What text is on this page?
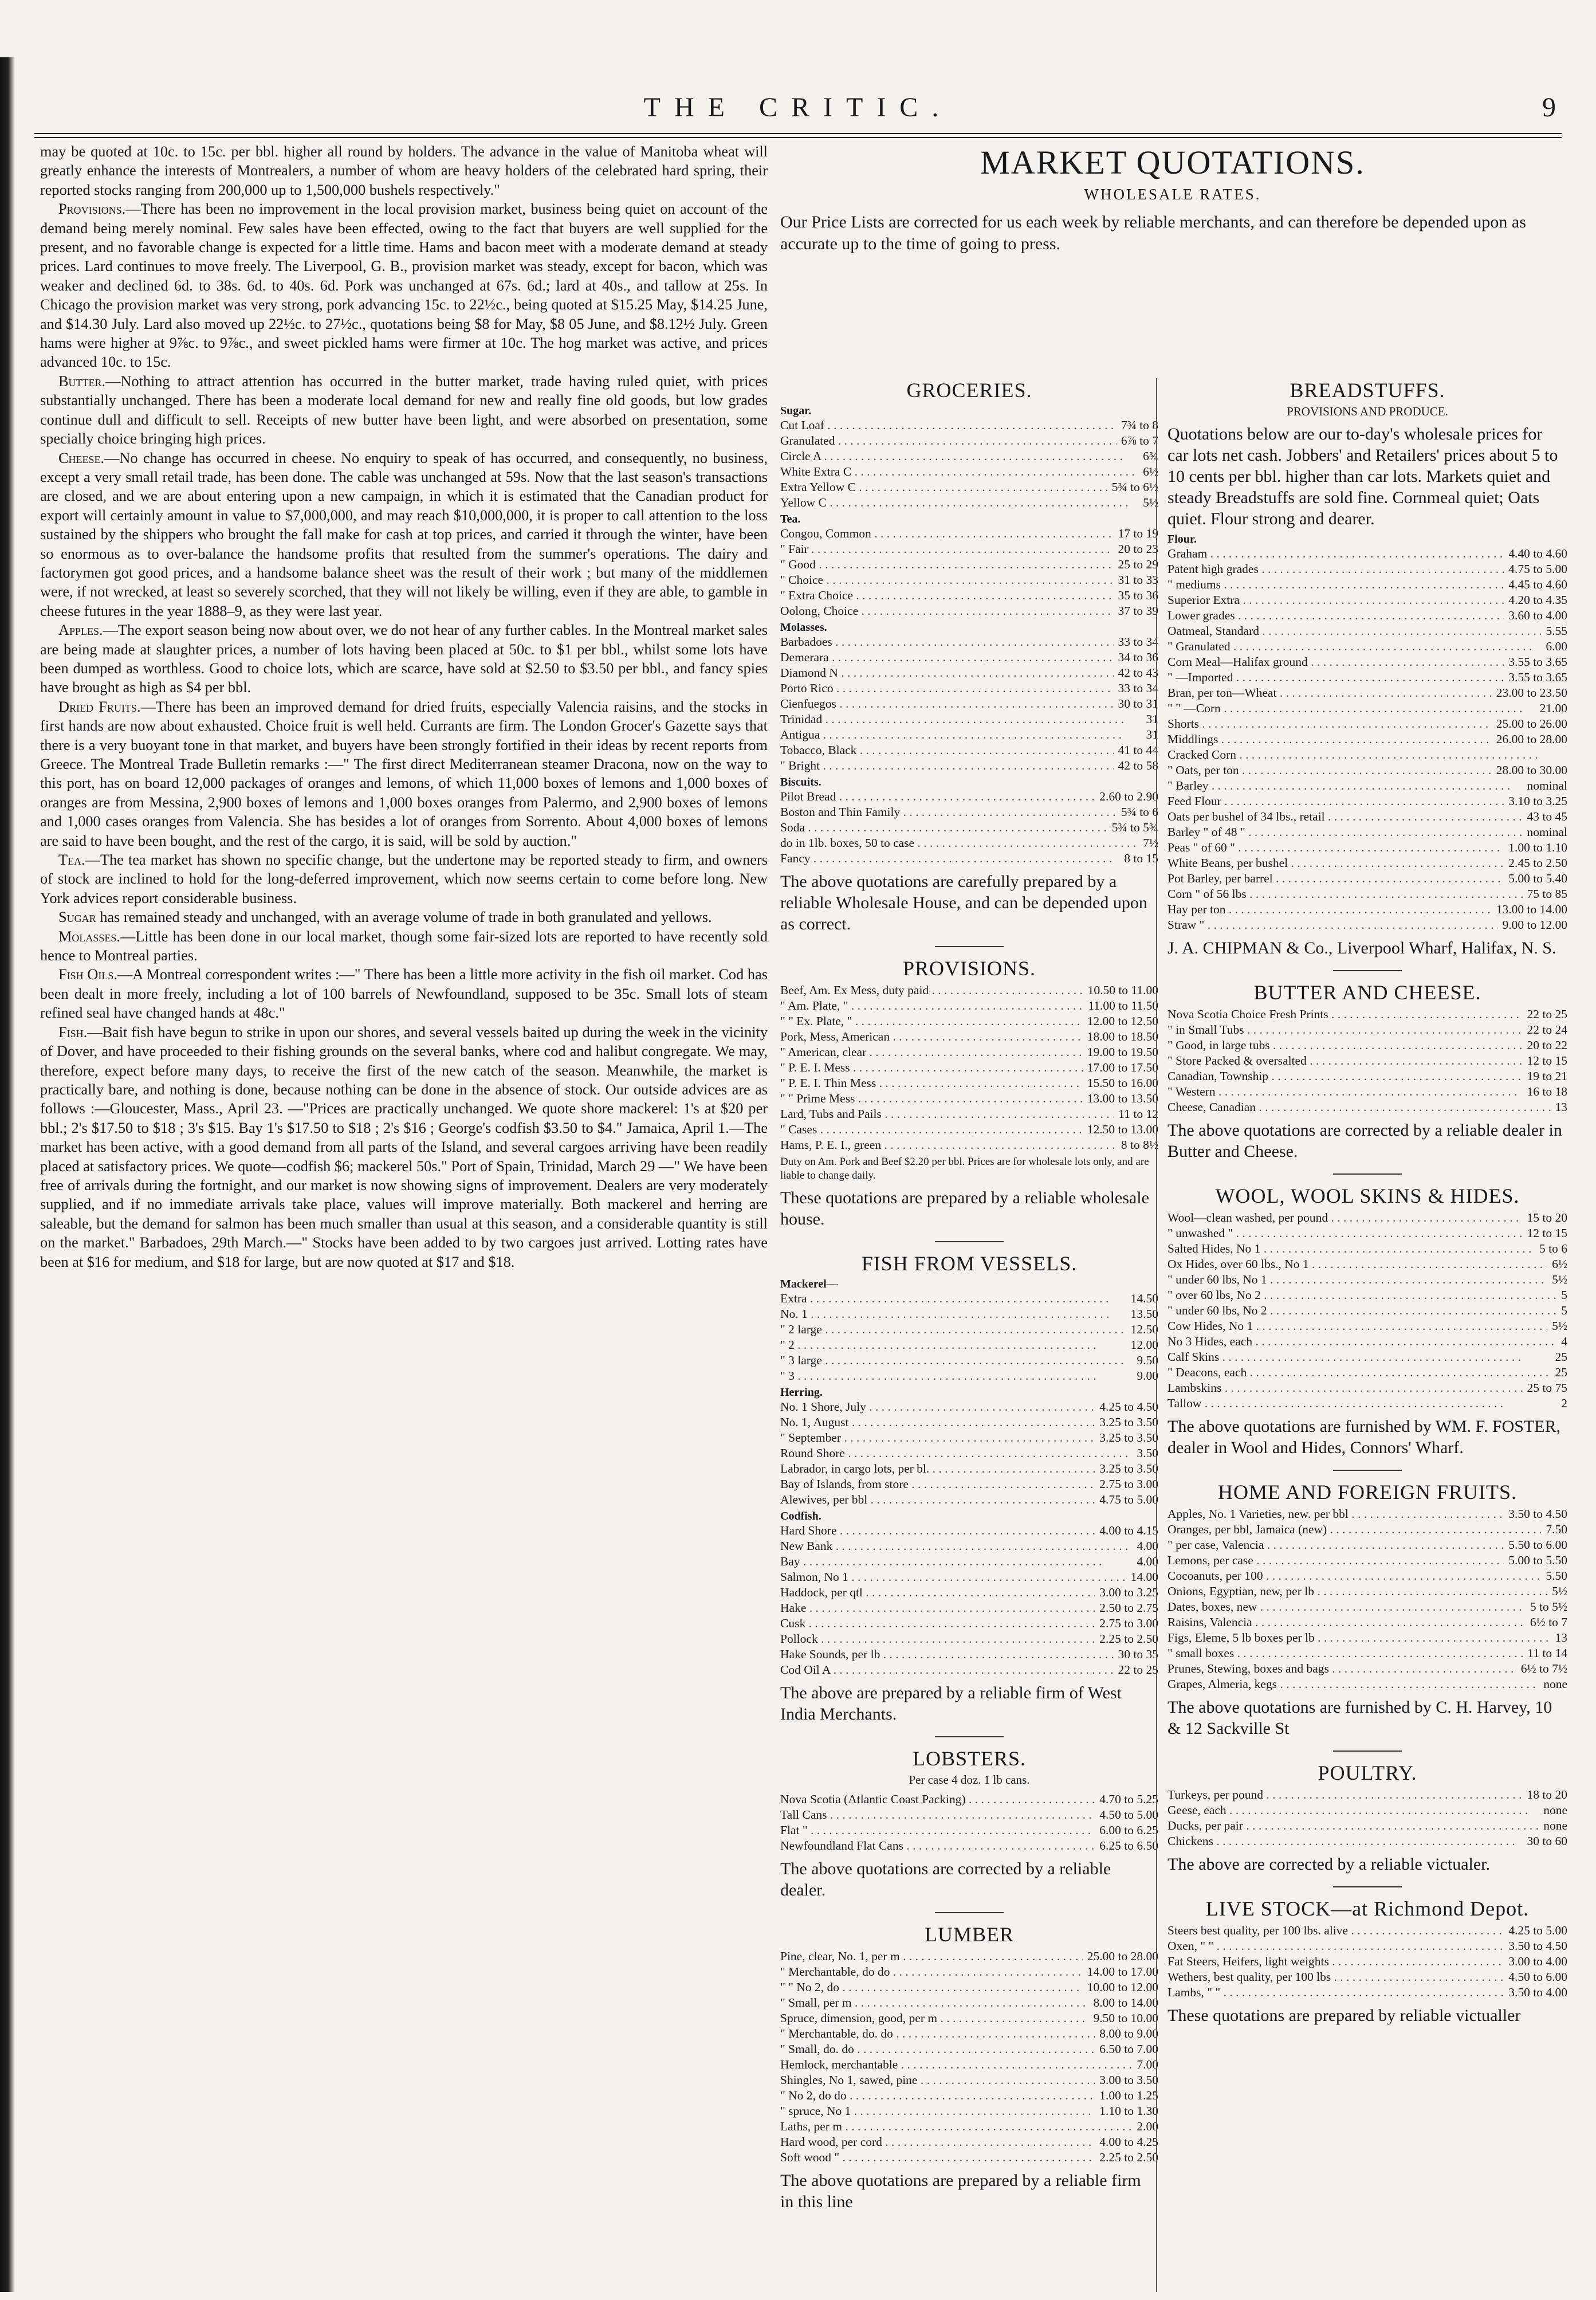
THE CRITIC.	9

may be quoted at 10c. to 15c. per bbl. higher all round by holders. The advance in the value of Manitoba wheat will greatly enhance the interests of Montrealers, a number of whom are heavy holders of the celebrated hard spring, their reported stocks ranging from 200,000 up to 1,500,000 bushels respectively."

Provisions.—There has been no improvement in the local provision market, business being quiet on account of the demand being merely nominal. Few sales have been effected, owing to the fact that buyers are well supplied for the present, and no favorable change is expected for a little time. Hams and bacon meet with a moderate demand at steady prices. Lard continues to move freely. The Liverpool, G. B., provision market was steady, except for bacon, which was weaker and declined 6d. to 38s. 6d. to 40s. 6d. Pork was unchanged at 67s. 6d.; lard at 40s., and tallow at 25s. In Chicago the provision market was very strong, pork advancing 15c. to 22½c., being quoted at $15.25 May, $14.25 June, and $14.30 July. Lard also moved up 22½c. to 27½c., quotations being $8 for May, $8 05 June, and $8.12½ July. Green hams were higher at 9⅞c. to 9⅞c., and sweet pickled hams were firmer at 10c. The hog market was active, and prices advanced 10c. to 15c.

Butter.—Nothing to attract attention has occurred in the butter market, trade having ruled quiet, with prices substantially unchanged. There has been a moderate local demand for new and really fine old goods, but low grades continue dull and difficult to sell. Receipts of new butter have been light, and were absorbed on presentation, some specially choice bringing high prices.

Cheese.—No change has occurred in cheese. No enquiry to speak of has occurred, and consequently, no business, except a very small retail trade, has been done. The cable was unchanged at 59s. Now that the last season's transactions are closed, and we are about entering upon a new campaign, in which it is estimated that the Canadian product for export will certainly amount in value to $7,000,000, and may reach $10,000,000, it is proper to call attention to the loss sustained by the shippers who brought the fall make for cash at top prices, and carried it through the winter, have been so enormous as to over-balance the handsome profits that resulted from the summer's operations. The dairy and factorymen got good prices, and a handsome balance sheet was the result of their work ; but many of the middlemen were, if not wrecked, at least so severely scorched, that they will not likely be willing, even if they are able, to gamble in cheese futures in the year 1888–9, as they were last year.

Apples.—The export season being now about over, we do not hear of any further cables. In the Montreal market sales are being made at slaughter prices, a number of lots having been placed at 50c. to $1 per bbl., whilst some lots have been dumped as worthless. Good to choice lots, which are scarce, have sold at $2.50 to $3.50 per bbl., and fancy spies have brought as high as $4 per bbl.

Dried Fruits.—There has been an improved demand for dried fruits, especially Valencia raisins, and the stocks in first hands are now about exhausted. Choice fruit is well held. Currants are firm. The London Grocer's Gazette says that there is a very buoyant tone in that market, and buyers have been strongly fortified in their ideas by recent reports from Greece. The Montreal Trade Bulletin remarks :—" The first direct Mediterranean steamer Dracona, now on the way to this port, has on board 12,000 packages of oranges and lemons, of which 11,000 boxes of lemons and 1,000 boxes of oranges are from Messina, 2,900 boxes of lemons and 1,000 boxes oranges from Palermo, and 2,900 boxes of lemons and 1,000 cases oranges from Valencia. She has besides a lot of oranges from Sorrento. About 4,000 boxes of lemons are said to have been bought, and the rest of the cargo, it is said, will be sold by auction."

Tea.—The tea market has shown no specific change, but the undertone may be reported steady to firm, and owners of stock are inclined to hold for the long-deferred improvement, which now seems certain to come before long. New York advices report considerable business.

Sugar has remained steady and unchanged, with an average volume of trade in both granulated and yellows.

Molasses.—Little has been done in our local market, though some fair-sized lots are reported to have recently sold hence to Montreal parties.

Fish Oils.—A Montreal correspondent writes :—" There has been a little more activity in the fish oil market. Cod has been dealt in more freely, including a lot of 100 barrels of Newfoundland, supposed to be 35c. Small lots of steam refined seal have changed hands at 48c."

Fish.—Bait fish have begun to strike in upon our shores, and several vessels baited up during the week in the vicinity of Dover, and have proceeded to their fishing grounds on the several banks, where cod and halibut congregate. We may, therefore, expect before many days, to receive the first of the new catch of the season. Meanwhile, the market is practically bare, and nothing is done, because nothing can be done in the absence of stock. Our outside advices are as follows :—Gloucester, Mass., April 23. —"Prices are practically unchanged. We quote shore mackerel: 1's at $20 per bbl.; 2's $17.50 to $18 ; 3's $15. Bay 1's $17.50 to $18 ; 2's $16 ; George's codfish $3.50 to $4." Jamaica, April 1.—The market has been active, with a good demand from all parts of the Island, and several cargoes arriving have been readily placed at satisfactory prices. We quote—codfish $6; mackerel 50s." Port of Spain, Trinidad, March 29 —" We have been free of arrivals during the fortnight, and our market is now showing signs of improvement. Dealers are very moderately supplied, and if no immediate arrivals take place, values will improve materially. Both mackerel and herring are saleable, but the demand for salmon has been much smaller than usual at this season, and a considerable quantity is still on the market." Barbadoes, 29th March.—" Stocks have been added to by two cargoes just arrived. Lotting rates have been at $16 for medium, and $18 for large, but are now quoted at $17 and $18.

MARKET QUOTATIONS.
WHOLESALE RATES.
Our Price Lists are corrected for us each week by reliable merchants, and can therefore be depended upon as accurate up to the time of going to press.
GROCERIES.
Sugar.
Cut Loaf . . .	7¾ to 8
Granulated . . .	6⅞ to 7
Circle A . . .	6¾
White Extra C . . .	6½
Extra Yellow C . . .	5¾ to 6½
Yellow C . . .	5½
Tea.
Congou, Common . . .	17 to 19
" Fair . . .	20 to 23
" Good . . .	25 to 29
" Choice . . .	31 to 33
" Extra Choice . . .	35 to 36
Oolong, Choice . . .	37 to 39
Molasses.
Barbadoes . . .	33 to 34
Demerara . . .	34 to 36
Diamond N . . .	42 to 43
Porto Rico . . .	33 to 34
Cienfuegos . . .	30 to 31
Trinidad . . .	31
Antigua . . .	31
Tobacco, Black . . .	41 to 44
" Bright . . .	42 to 58
Biscuits.
Pilot Bread . . .	2.60 to 2.90
Boston and Thin Family . . .	5¾ to 6
Soda . . .	5¾ to 5¾
do in 1lb. boxes, 50 to case . . .	7½
Fancy . . .	8 to 15
The above quotations are carefully prepared by a reliable Wholesale House, and can be depended upon as correct.
PROVISIONS.
Beef, Am. Ex Mess, duty paid . . .	10.50 to 11.00
" Am. Plate, " . . .	11.00 to 11.50
" " Ex. Plate, " . . .	12.00 to 12.50
Pork, Mess, American . . .	18.00 to 18.50
" American, clear . . .	19.00 to 19.50
" P. E. I. Mess . . .	17.00 to 17.50
" P. E. I. Thin Mess . . .	15.50 to 16.00
" " Prime Mess . . .	13.00 to 13.50
Lard, Tubs and Pails . . .	11 to 12
" Cases . . .	12.50 to 13.00
Hams, P. E. I., green . . .	8 to 8½
Duty on Am. Pork and Beef $2.20 per bbl. Prices are for wholesale lots only, and are liable to change daily.
These quotations are prepared by a reliable wholesale house.
FISH FROM VESSELS.
Mackerel—
Extra . . .	14.50
No. 1 . . .	13.50
" 2 large . . .	12.50
" 2 . . .	12.00
" 3 large . . .	9.50
" 3 . . .	9.00
Herring.
No. 1 Shore, July . . .	4.25 to 4.50
No. 1, August . . .	3.25 to 3.50
" September . . .	3.25 to 3.50
Round Shore . . .	3.50
Labrador, in cargo lots, per bl. . . .	3.25 to 3.50
Bay of Islands, from store . . .	2.75 to 3.00
Alewives, per bbl . . .	4.75 to 5.00
Codfish.
Hard Shore . . .	4.00 to 4.15
New Bank . . .	4.00
Bay . . .	4.00
Salmon, No 1 . . .	14.00
Haddock, per qtl . . .	3.00 to 3.25
Hake . . .	2.50 to 2.75
Cusk . . .	2.75 to 3.00
Pollock . . .	2.25 to 2.50
Hake Sounds, per lb . . .	30 to 35
Cod Oil A . . .	22 to 25
The above are prepared by a reliable firm of West India Merchants.
LOBSTERS.
Per case 4 doz. 1 lb cans.
Nova Scotia (Atlantic Coast Packing) . . .	4.70 to 5.25
Tall Cans . . .	4.50 to 5.00
Flat " . . .	6.00 to 6.25
Newfoundland Flat Cans . . .	6.25 to 6.50
The above quotations are corrected by a reliable dealer.
LUMBER
Pine, clear, No. 1, per m . . .	25.00 to 28.00
" Merchantable, do do . . .	14.00 to 17.00
" " No 2, do . . .	10.00 to 12.00
" Small, per m . . .	8.00 to 14.00
Spruce, dimension, good, per m . . .	9.50 to 10.00
" Merchantable, do. do . . .	8.00 to 9.00
" Small, do. do . . .	6.50 to 7.00
Hemlock, merchantable . . .	7.00
Shingles, No 1, sawed, pine . . .	3.00 to 3.50
" No 2, do do . . .	1.00 to 1.25
" spruce, No 1 . . .	1.10 to 1.30
Laths, per m . . .	2.00
Hard wood, per cord . . .	4.00 to 4.25
Soft wood " . . .	2.25 to 2.50
The above quotations are prepared by a reliable firm in this line
BREADSTUFFS.
PROVISIONS AND PRODUCE.
Quotations below are our to-day's wholesale prices for car lots net cash. Jobbers' and Retailers' prices about 5 to 10 cents per bbl. higher than car lots. Markets quiet and steady Breadstuffs are sold fine. Cornmeal quiet; Oats quiet. Flour strong and dearer.
Flour.
Graham . . .	4.40 to 4.60
Patent high grades . . .	4.75 to 5.00
" mediums . . .	4.45 to 4.60
Superior Extra . . .	4.20 to 4.35
Lower grades . . .	3.60 to 4.00
Oatmeal, Standard . . .	5.55
" Granulated . . .	6.00
Corn Meal—Halifax ground . . .	3.55 to 3.65
" —Imported . . .	3.55 to 3.65
Bran, per ton—Wheat . . .	23.00 to 23.50
" " —Corn . . .	21.00
Shorts . . .	25.00 to 26.00
Middlings . . .	26.00 to 28.00
Cracked Corn . . .
" Oats, per ton . . .	28.00 to 30.00
" Barley . . .	nominal
Feed Flour . . .	3.10 to 3.25
Oats per bushel of 34 lbs., retail . . .	43 to 45
Barley " of 48 " . . .	nominal
Peas " of 60 " . . .	1.00 to 1.10
White Beans, per bushel . . .	2.45 to 2.50
Pot Barley, per barrel . . .	5.00 to 5.40
Corn " of 56 lbs . . .	75 to 85
Hay per ton . . .	13.00 to 14.00
Straw " . . .	9.00 to 12.00
J. A. CHIPMAN & Co., Liverpool Wharf, Halifax, N. S.
BUTTER AND CHEESE.
Nova Scotia Choice Fresh Prints . . .	22 to 25
" in Small Tubs . . .	22 to 24
" Good, in large tubs . . .	20 to 22
" Store Packed & oversalted . . .	12 to 15
Canadian, Township . . .	19 to 21
" Western . . .	16 to 18
Cheese, Canadian . . .	13
The above quotations are corrected by a reliable dealer in Butter and Cheese.
WOOL, WOOL SKINS & HIDES.
Wool—clean washed, per pound . . .	15 to 20
" unwashed " . . .	12 to 15
Salted Hides, No 1 . . .	5 to 6
Ox Hides, over 60 lbs., No 1 . . .	6½
" under 60 lbs, No 1 . . .	5½
" over 60 lbs, No 2 . . .	5
" under 60 lbs, No 2 . . .	5
Cow Hides, No 1 . . .	5½
No 3 Hides, each . . .	4
Calf Skins . . .	25
" Deacons, each . . .	25
Lambskins . . .	25 to 75
Tallow . . .	2
The above quotations are furnished by WM. F. FOSTER, dealer in Wool and Hides, Connors' Wharf.
HOME AND FOREIGN FRUITS.
Apples, No. 1 Varieties, new. per bbl . . .	3.50 to 4.50
Oranges, per bbl, Jamaica (new) . . .	7.50
" per case, Valencia . . .	5.50 to 6.00
Lemons, per case . . .	5.00 to 5.50
Cocoanuts, per 100 . . .	5.50
Onions, Egyptian, new, per lb . . .	5½
Dates, boxes, new . . .	5 to 5½
Raisins, Valencia . . .	6½ to 7
Figs, Eleme, 5 lb boxes per lb . . .	13
" small boxes . . .	11 to 14
Prunes, Stewing, boxes and bags . . .	6½ to 7½
Grapes, Almeria, kegs . . .	none
The above quotations are furnished by C. H. Harvey, 10 & 12 Sackville St
POULTRY.
Turkeys, per pound . . .	18 to 20
Geese, each . . .	none
Ducks, per pair . . .	none
Chickens . . .	30 to 60
The above are corrected by a reliable victualer.
LIVE STOCK—at Richmond Depot.
Steers best quality, per 100 lbs. alive . . .	4.25 to 5.00
Oxen, " " . . .	3.50 to 4.50
Fat Steers, Heifers, light weights . . .	3.00 to 4.00
Wethers, best quality, per 100 lbs . . .	4.50 to 6.00
Lambs, " " . . .	3.50 to 4.00
These quotations are prepared by reliable victualler
